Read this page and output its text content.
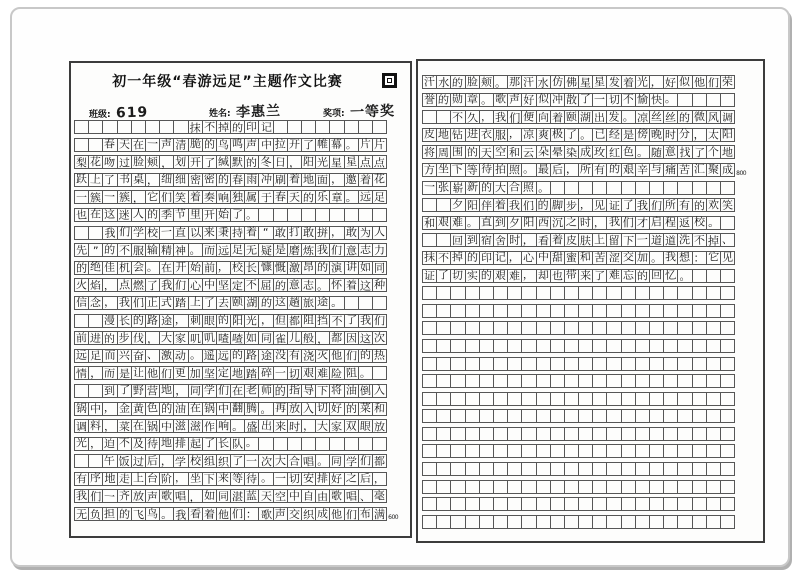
初一年级“春游远足”主题作文比赛
班级: 619	姓名: 李惠兰	奖项: 一等奖
抹 不 掉 的 印 记
春 天 在 一 声 清 脆 的 鸟 鸣 声 中 拉 开 了 帷 幕 。 片 片
梨 花 吻 过 脸 颊 ， 划 开 了 缄 默 的 冬 日 ， 阳 光 星 星 点 点
跃 上 了 书 桌 ， 细 细 密 密 的 春 雨 冲 刷 着 地 面 ， 邀 着 花
一 簇 一 簇 ， 它 们 笑 着 奏 响 独 属 于 春 天 的 乐 章 。 远 足
也 在 这 迷 人 的 季 节 里 开 始 了 。
我 们 学 校 一 直 以 来 秉 持 着 “ 敢 打 敢 拼 ， 敢 为 人
先 ” 的 不 服 输 精 神 。 而 远 足 无 疑 是 磨 炼 我 们 意 志 力
的 绝 佳 机 会 。 在 开 始 前 ， 校 长 慷 慨 激 昂 的 演 讲 如 同
火 焰 ， 点 燃 了 我 们 心 中 坚 定 不 屈 的 意 志 。 怀 着 这 种
信 念 ， 我 们 正 式 踏 上 了 去 颐 湖 的 这 趟 旅 途 。
漫 长 的 路 途 ， 刺 眼 的 阳 光 ， 但 都 阻 挡 不 了 我 们
前 进 的 步 伐 ， 大 家 叽 叽 喳 喳 如 同 雀 儿 般 ， 都 因 这 次
远 足 而 兴 奋 、 激 动 。 遥 远 的 路 途 没 有 浇 灭 他 们 的 热
情 ， 而 是 让 他 们 更 加 坚 定 地 踏 碎 一 切 艰 难 险 阻 。
到 了 野 营 地 ， 同 学 们 在 老 师 的 指 导 下 将 油 倒 入
锅 中 ， 金 黄 色 的 油 在 锅 中 翻 腾 。 再 放 入 切 好 的 菜 和
调 料 ， 菜 在 锅 中 滋 滋 作 响 。 盛 出 来 时 ， 大 家 双 眼 放
光 ， 迫 不 及 待 地 排 起 了 长 队 。
午 饭 过 后 ， 学 校 组 织 了 一 次 大 合 唱 。 同 学 们 都
有 序 地 走 上 台 阶 ， 坐 下 来 等 待 。 一 切 安 排 好 之 后 ，
我 们 一 齐 放 声 歌 唱 ， 如 同 湛 蓝 天 空 中 自 由 歌 唱 、 毫
无 负 担 的 飞 鸟 。 我 看 着 他 们 ： 歌 声 交 织 成 他 们 布 满 600
汗 水 的 脸 颊 。 那 汗 水 仿 佛 星 星 发 着 光 ， 好 似 他 们 荣
誉 的 勋 章 。 歌 声 好 似 冲 散 了 一 切 不 愉 快 。
不 久 ， 我 们 便 向 着 颐 湖 出 发 。 凉 丝 丝 的 微 风 调
皮 地 钻 进 衣 服 ， 凉 爽 极 了 。 已 经 是 傍 晚 时 分 ， 太 阳
将 周 围 的 天 空 和 云 朵 晕 染 成 玫 红 色 。 随 意 找 了 个 地
方 坐 下 等 待 拍 照 。 最 后 ， 所 有 的 艰 辛 与 痛 苦 汇 聚 成 800
一 张 崭 新 的 大 合 照 。
夕 阳 伴 着 我 们 的 脚 步 ， 见 证 了 我 们 所 有 的 欢 笑
和 艰 难 。 直 到 夕 阳 西 沉 之 时 ， 我 们 才 启 程 返 校 。
回 到 宿 舍 时 ， 看 着 皮 肤 上 留 下 一 道 道 洗 不 掉 、
抹 不 掉 的 印 记 ， 心 中 甜 蜜 和 苦 涩 交 加 。 我 想 ： 它 见
证 了 切 实 的 艰 难 ， 却 也 带 来 了 难 忘 的 回 忆 。
